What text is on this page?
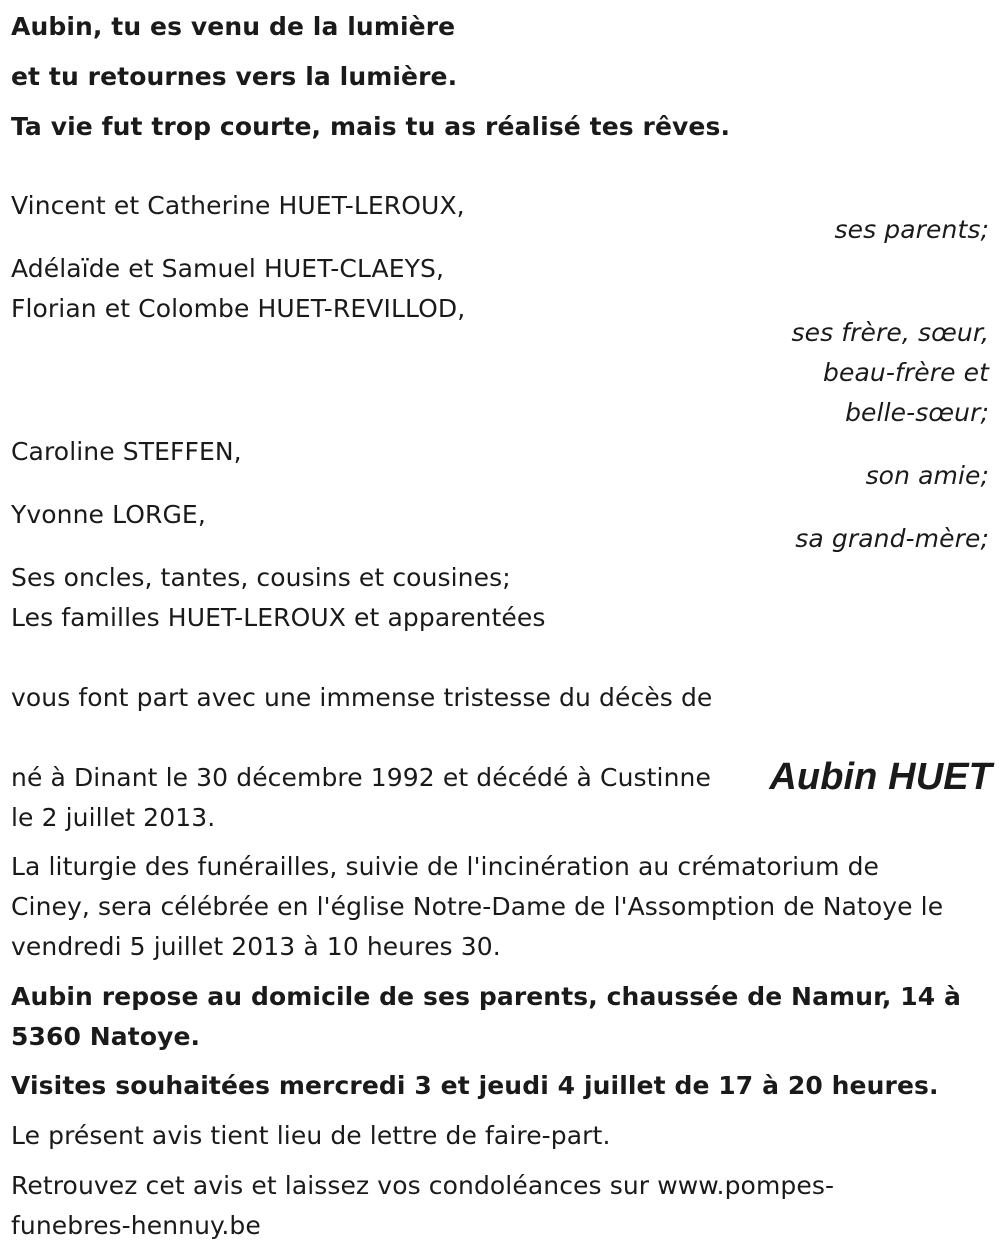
Aubin, tu es venu de la lumière
et tu retournes vers la lumière.
Ta vie fut trop courte, mais tu as réalisé tes rêves.
Vincent et Catherine HUET-LEROUX,
ses parents;
Adélaïde et Samuel HUET-CLAEYS,
Florian et Colombe HUET-REVILLOD,
ses frère, sœur,
beau-frère et
belle-sœur;
Caroline STEFFEN,
son amie;
Yvonne LORGE,
sa grand-mère;
Ses oncles, tantes, cousins et cousines;
Les familles HUET-LEROUX et apparentées
vous font part avec une immense tristesse du décès de
Aubin HUET
né à Dinant le 30 décembre 1992 et décédé à Custinne
le 2 juillet 2013.
La liturgie des funérailles, suivie de l'incinération au crématorium de
Ciney, sera célébrée en l'église Notre-Dame de l'Assomption de Natoye le
vendredi 5 juillet 2013 à 10 heures 30.
Aubin repose au domicile de ses parents, chaussée de Namur, 14 à
5360 Natoye.
Visites souhaitées mercredi 3 et jeudi 4 juillet de 17 à 20 heures.
Le présent avis tient lieu de lettre de faire-part.
Retrouvez cet avis et laissez vos condoléances sur www.pompes-
funebres-hennuy.be
